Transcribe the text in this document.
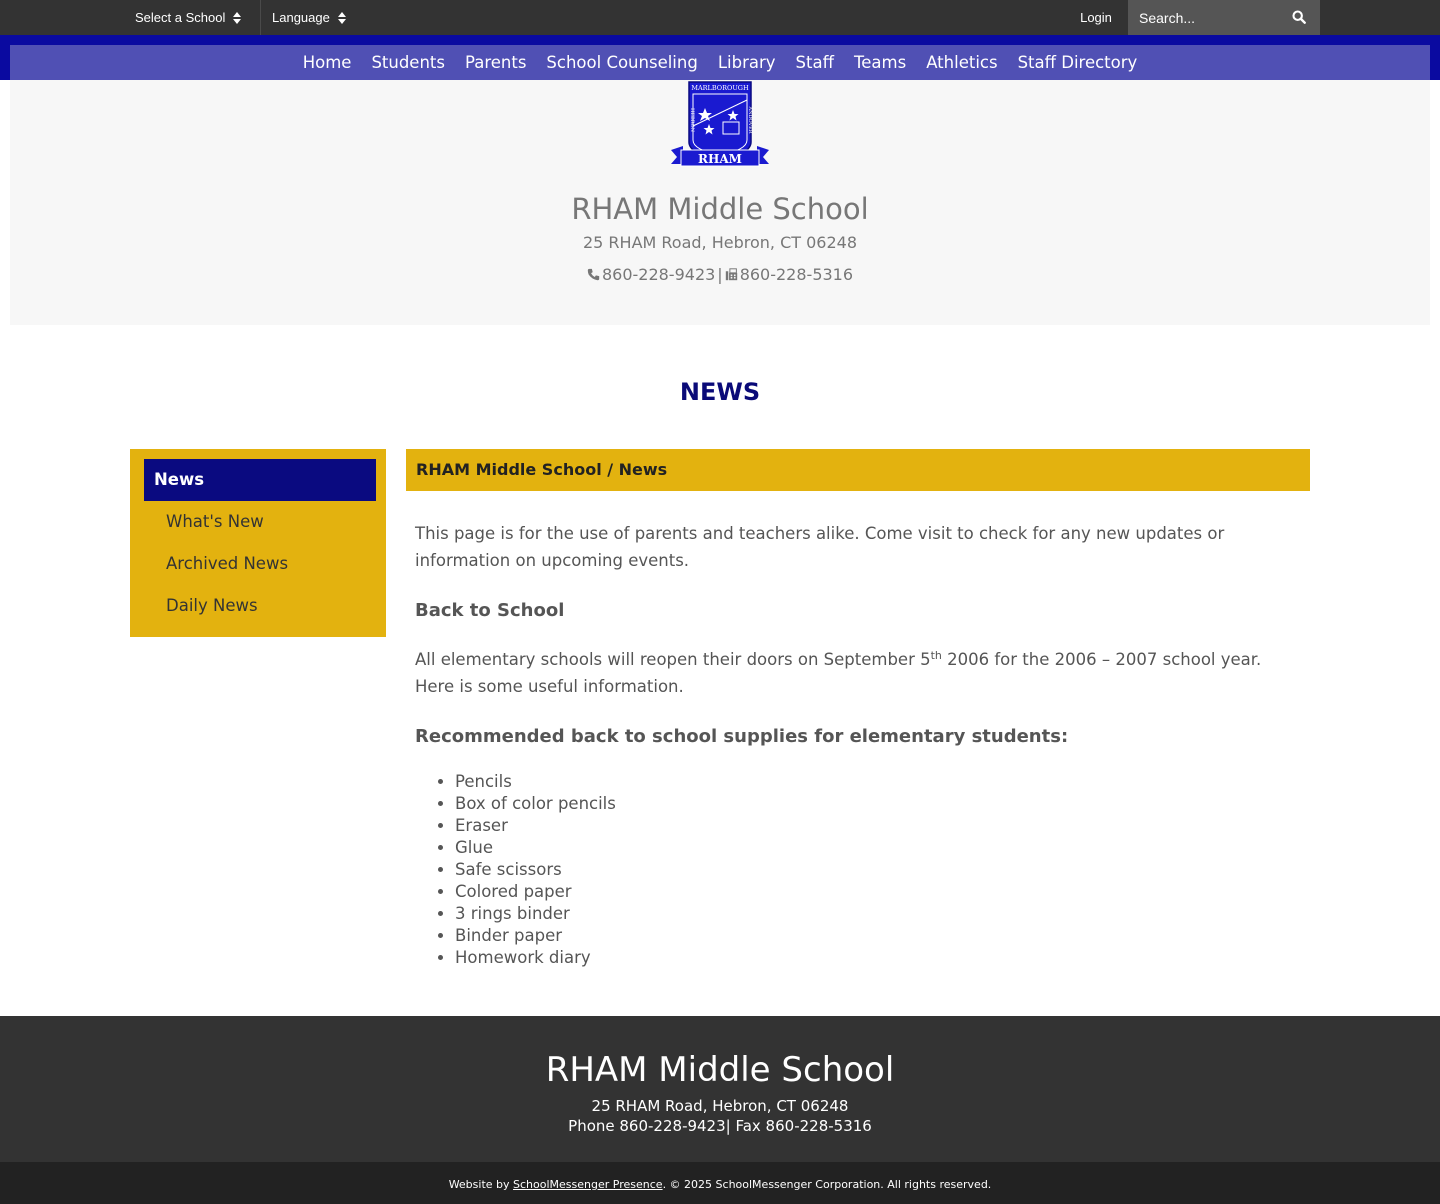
Select a School	Language	Login
Search...
Home	Students	Parents	School Counseling	Library	Staff	Teams	Athletics	Staff Directory
MARLBOROUGH
HEBRON	ANDOVER
RHAM
RHAM Middle School
25 RHAM Road, Hebron, CT 06248
860-228-9423 | 860-228-5316
NEWS
News
What's New
Archived News
Daily News
RHAM Middle School / News

This page is for the use of parents and teachers alike. Come visit to check for any new updates or information on upcoming events.

Back to School

All elementary schools will reopen their doors on September 5th 2006 for the 2006 – 2007 school year. Here is some useful information.

Recommended back to school supplies for elementary students:
• Pencils
• Box of color pencils
• Eraser
• Glue
• Safe scissors
• Colored paper
• 3 rings binder
• Binder paper
• Homework diary
RHAM Middle School
25 RHAM Road, Hebron, CT 06248
Phone 860-228-9423| Fax 860-228-5316
Website by SchoolMessenger Presence. © 2025 SchoolMessenger Corporation. All rights reserved.
